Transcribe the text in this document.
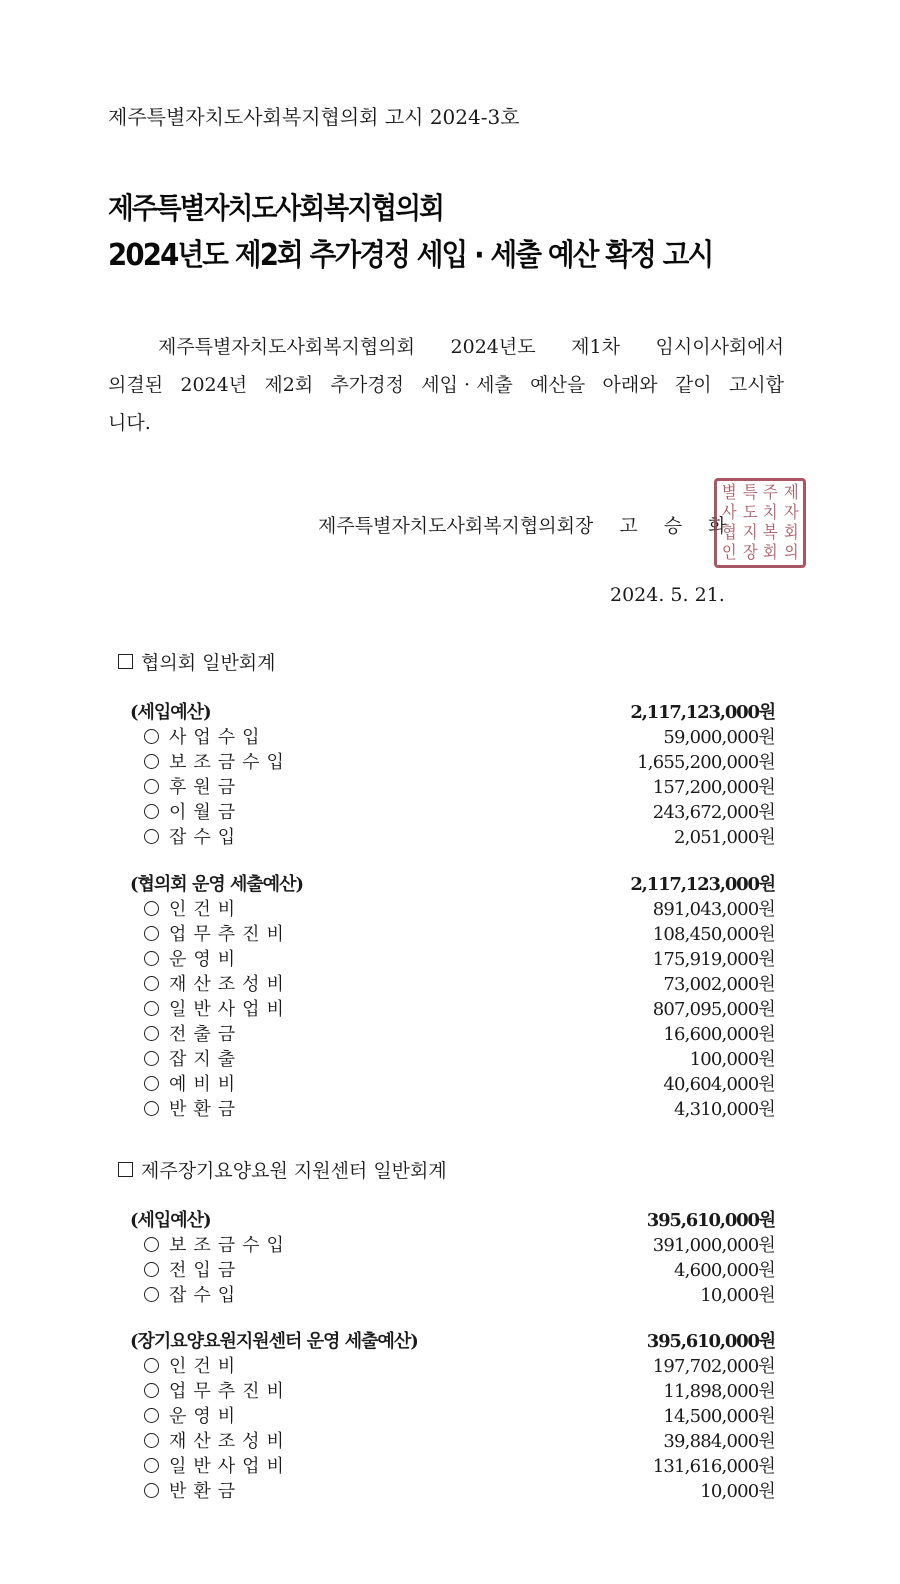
제주특별자치도사회복지협의회 고시 2024-3호
제주특별자치도사회복지협의회
2024년도 제2회 추가경정 세입 · 세출 예산 확정 고시
제주특별자치도사회복지협의회 2024년도 제1차 임시이사회에서
의결된 2024년 제2회 추가경정 세입 · 세출 예산을 아래와 같이 고시합
니다.
제주특별자치도사회복지협의회장 고 승 화
별 특 주 제
사 도 치 자
협 지 복 회
인 장 회 의
2024. 5. 21.
협의회 일반회계
(세입예산)	2,117,123,000원
사업수입	59,000,000원
보조금수입	1,655,200,000원
후원금	157,200,000원
이월금	243,672,000원
잡수입	2,051,000원
(협의회 운영 세출예산)	2,117,123,000원
인건비	891,043,000원
업무추진비	108,450,000원
운영비	175,919,000원
재산조성비	73,002,000원
일반사업비	807,095,000원
전출금	16,600,000원
잡지출	100,000원
예비비	40,604,000원
반환금	4,310,000원
제주장기요양요원 지원센터 일반회계
(세입예산)	395,610,000원
보조금수입	391,000,000원
전입금	4,600,000원
잡수입	10,000원
(장기요양요원지원센터 운영 세출예산)	395,610,000원
인건비	197,702,000원
업무추진비	11,898,000원
운영비	14,500,000원
재산조성비	39,884,000원
일반사업비	131,616,000원
반환금	10,000원
